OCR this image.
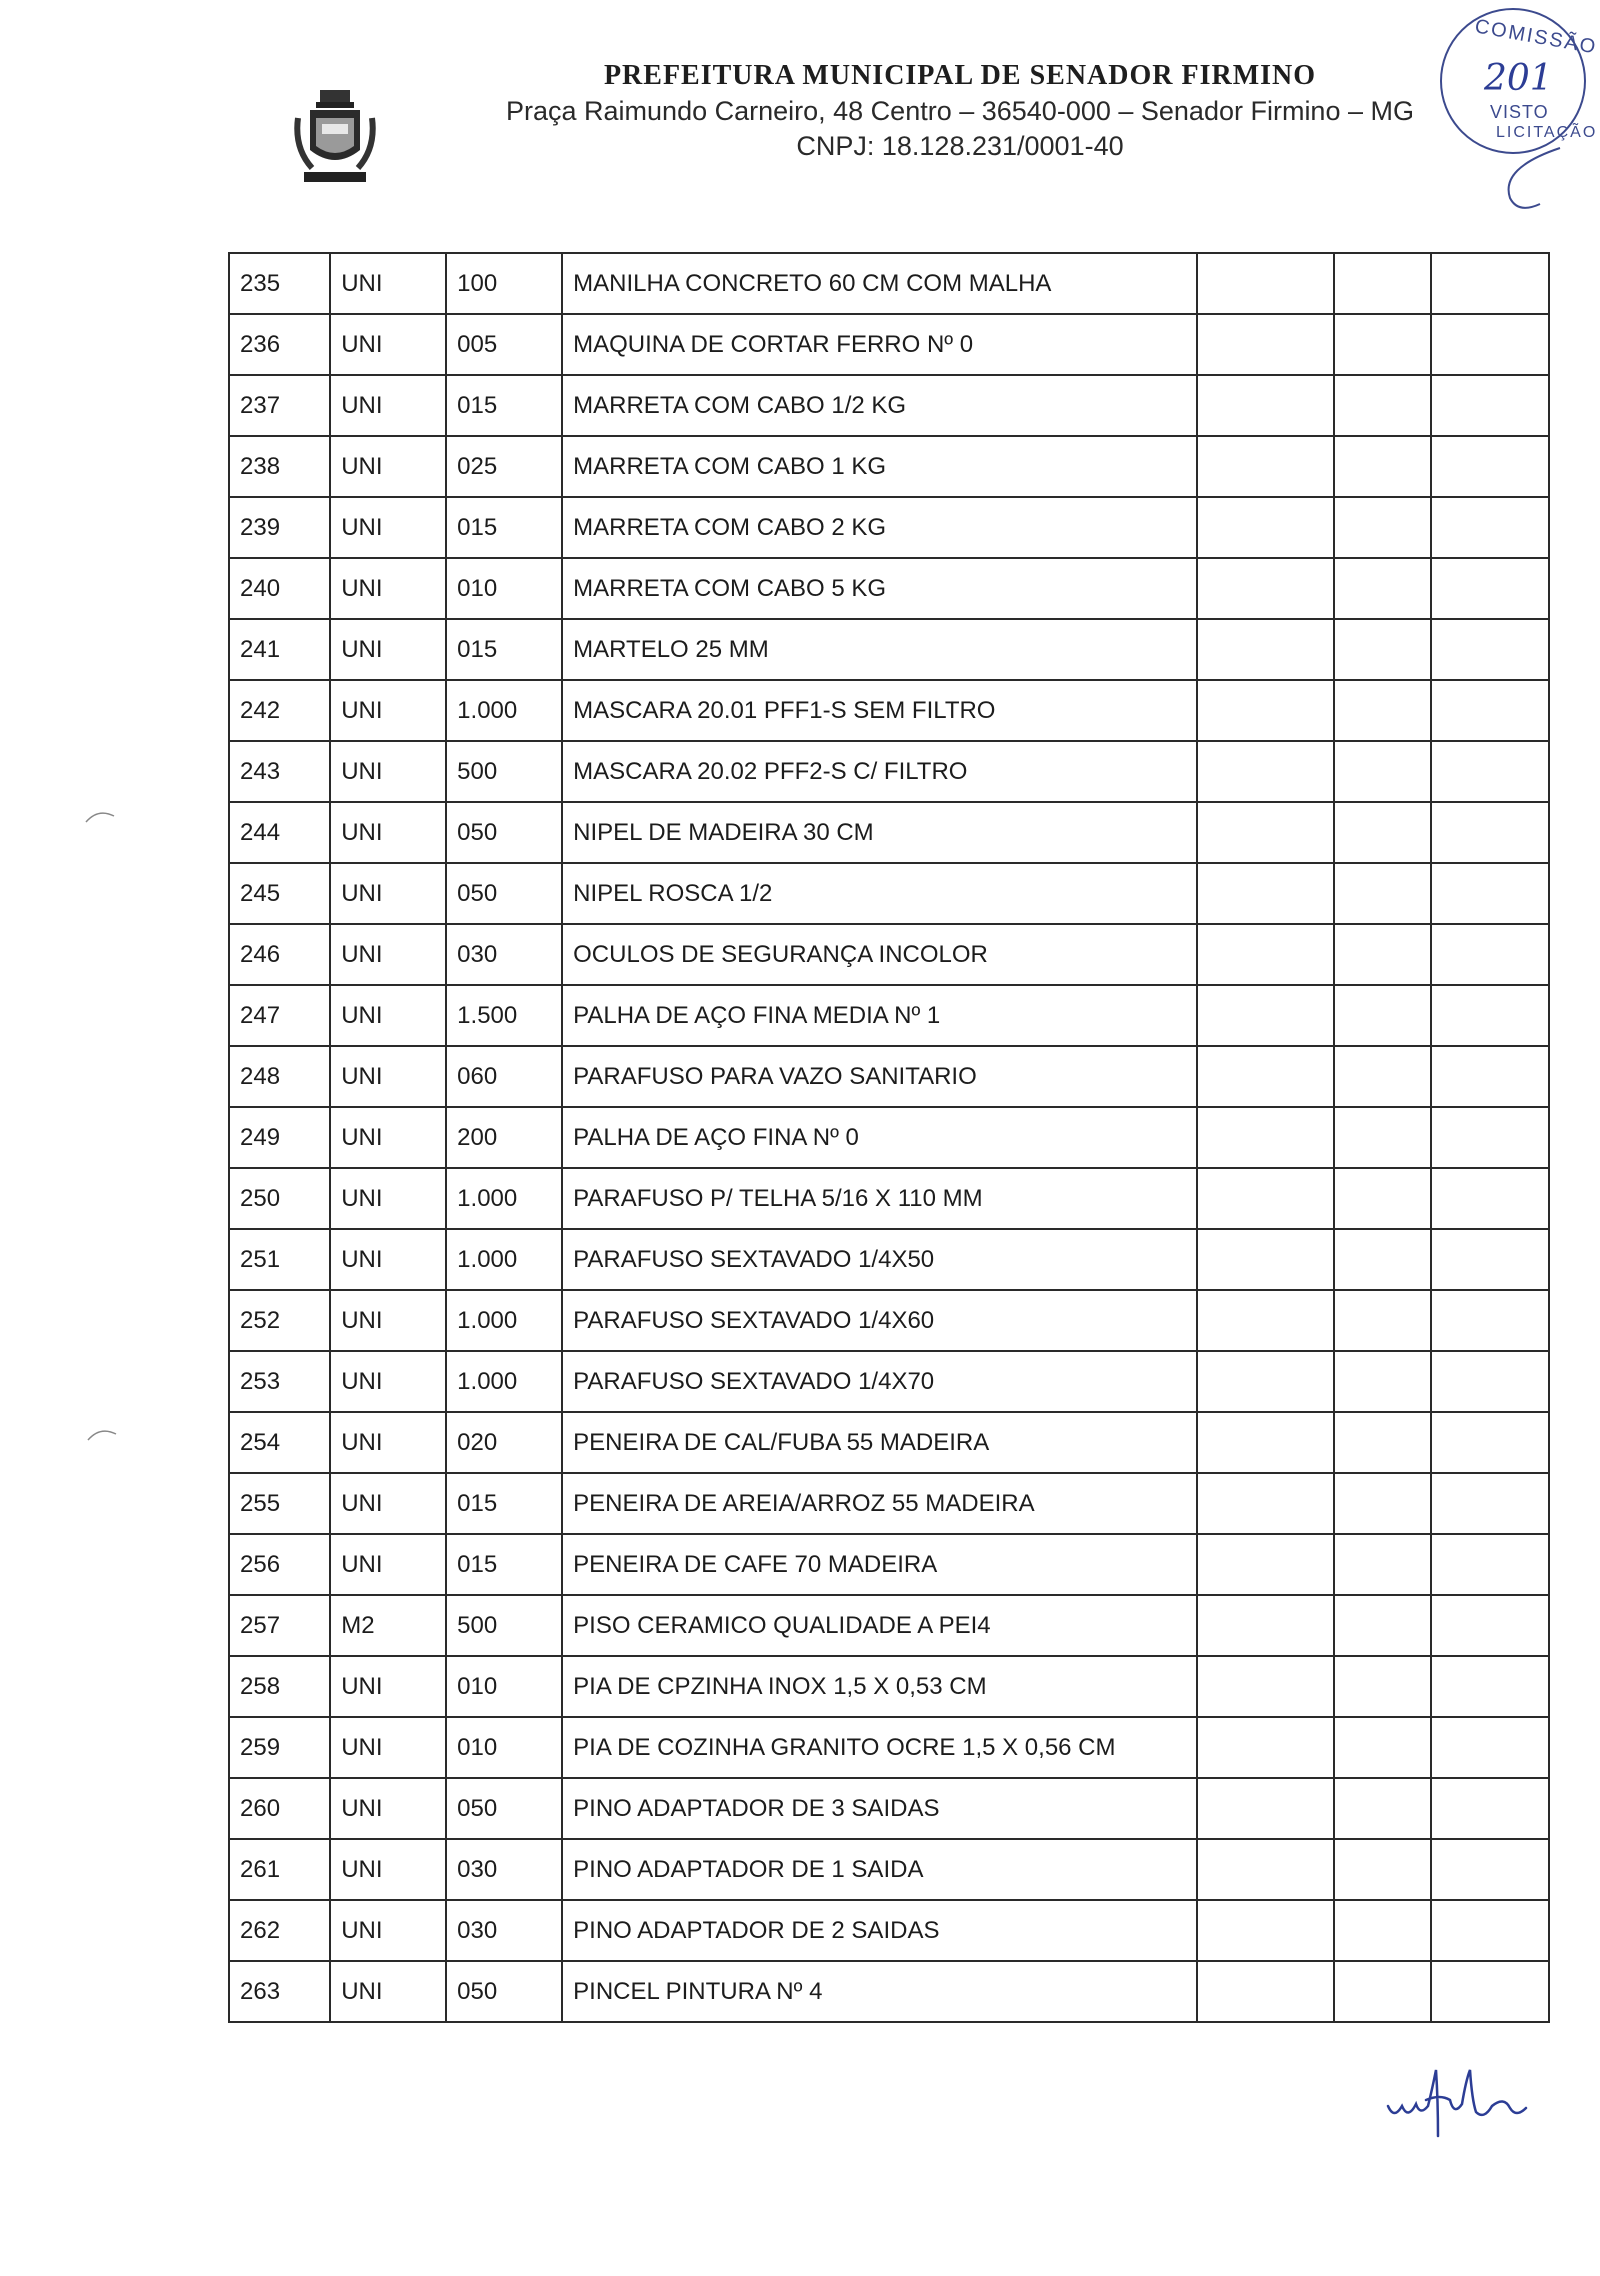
PREFEITURA MUNICIPAL DE SENADOR FIRMINO
Praça Raimundo Carneiro, 48 Centro – 36540-000 – Senador Firmino – MG
CNPJ: 18.128.231/0001-40
COMISSÃO
201
VISTO
LICITAÇÃO
235	UNI	100	MANILHA CONCRETO 60 CM COM MALHA			
236	UNI	005	MAQUINA DE CORTAR FERRO Nº 0			
237	UNI	015	MARRETA COM CABO 1/2 KG			
238	UNI	025	MARRETA COM CABO 1 KG			
239	UNI	015	MARRETA COM CABO 2 KG			
240	UNI	010	MARRETA COM CABO 5 KG			
241	UNI	015	MARTELO 25 MM			
242	UNI	1.000	MASCARA 20.01 PFF1-S SEM FILTRO			
243	UNI	500	MASCARA 20.02 PFF2-S C/ FILTRO			
244	UNI	050	NIPEL DE MADEIRA 30 CM			
245	UNI	050	NIPEL ROSCA 1/2			
246	UNI	030	OCULOS DE SEGURANÇA INCOLOR			
247	UNI	1.500	PALHA DE AÇO FINA MEDIA Nº 1			
248	UNI	060	PARAFUSO PARA VAZO SANITARIO			
249	UNI	200	PALHA DE AÇO FINA Nº 0			
250	UNI	1.000	PARAFUSO P/ TELHA 5/16 X 110 MM			
251	UNI	1.000	PARAFUSO SEXTAVADO 1/4X50			
252	UNI	1.000	PARAFUSO SEXTAVADO 1/4X60			
253	UNI	1.000	PARAFUSO SEXTAVADO 1/4X70			
254	UNI	020	PENEIRA DE CAL/FUBA 55 MADEIRA			
255	UNI	015	PENEIRA DE AREIA/ARROZ 55 MADEIRA			
256	UNI	015	PENEIRA DE CAFE 70 MADEIRA			
257	M2	500	PISO CERAMICO QUALIDADE A PEI4			
258	UNI	010	PIA DE CPZINHA INOX 1,5 X 0,53 CM			
259	UNI	010	PIA DE COZINHA GRANITO OCRE 1,5 X 0,56 CM			
260	UNI	050	PINO ADAPTADOR DE 3 SAIDAS			
261	UNI	030	PINO ADAPTADOR DE 1 SAIDA			
262	UNI	030	PINO ADAPTADOR DE 2 SAIDAS			
263	UNI	050	PINCEL PINTURA Nº 4			
